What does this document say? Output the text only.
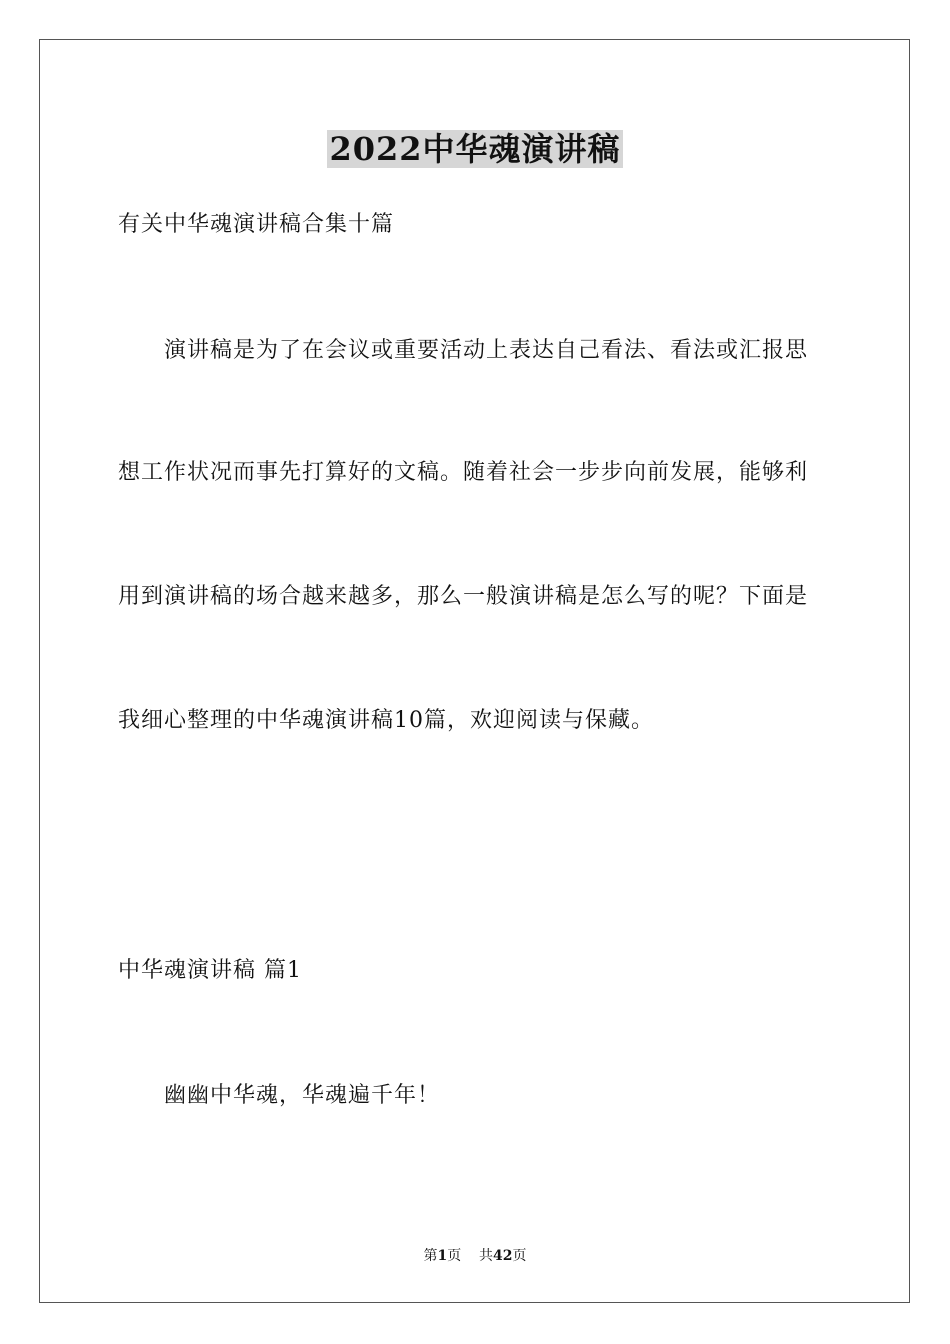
2022中华魂演讲稿
有关中华魂演讲稿合集十篇
演讲稿是为了在会议或重要活动上表达自己看法、看法或汇报思
想工作状况而事先打算好的文稿。随着社会一步步向前发展，能够利
用到演讲稿的场合越来越多，那么一般演讲稿是怎么写的呢？下面是
我细心整理的中华魂演讲稿10篇，欢迎阅读与保藏。
中华魂演讲稿 篇1
幽幽中华魂，华魂遍千年！
第1页 共42页
